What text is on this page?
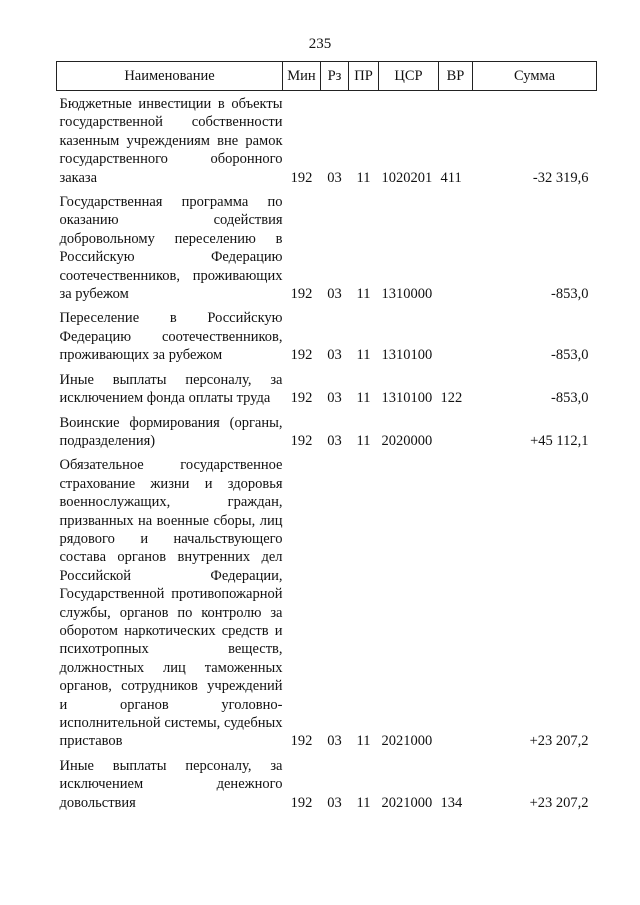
235
Наименование	Мин	Рз	ПР	ЦСР	ВР	Сумма
Бюджетные инвестиции в объекты государственной собственности казенным учреждениям вне рамок государственного оборонного заказа	192	03	11	1020201	411	-32 319,6
Государственная программа по оказанию содействия добровольному переселению в Российскую Федерацию соотечественников, проживающих за рубежом	192	03	11	1310000		-853,0
Переселение в Российскую Федерацию соотечественников, проживающих за рубежом	192	03	11	1310100		-853,0
Иные выплаты персоналу, за исключением фонда оплаты труда	192	03	11	1310100	122	-853,0
Воинские формирования (органы, подразделения)	192	03	11	2020000		+45 112,1
Обязательное государственное страхование жизни и здоровья военнослужащих, граждан, призванных на военные сборы, лиц рядового и начальствующего состава органов внутренних дел Российской Федерации, Государственной противопожарной службы, органов по контролю за оборотом наркотических средств и психотропных веществ, должностных лиц таможенных органов, сотрудников учреждений и органов уголовно-исполнительной системы, судебных приставов	192	03	11	2021000		+23 207,2
Иные выплаты персоналу, за исключением денежного довольствия	192	03	11	2021000	134	+23 207,2
